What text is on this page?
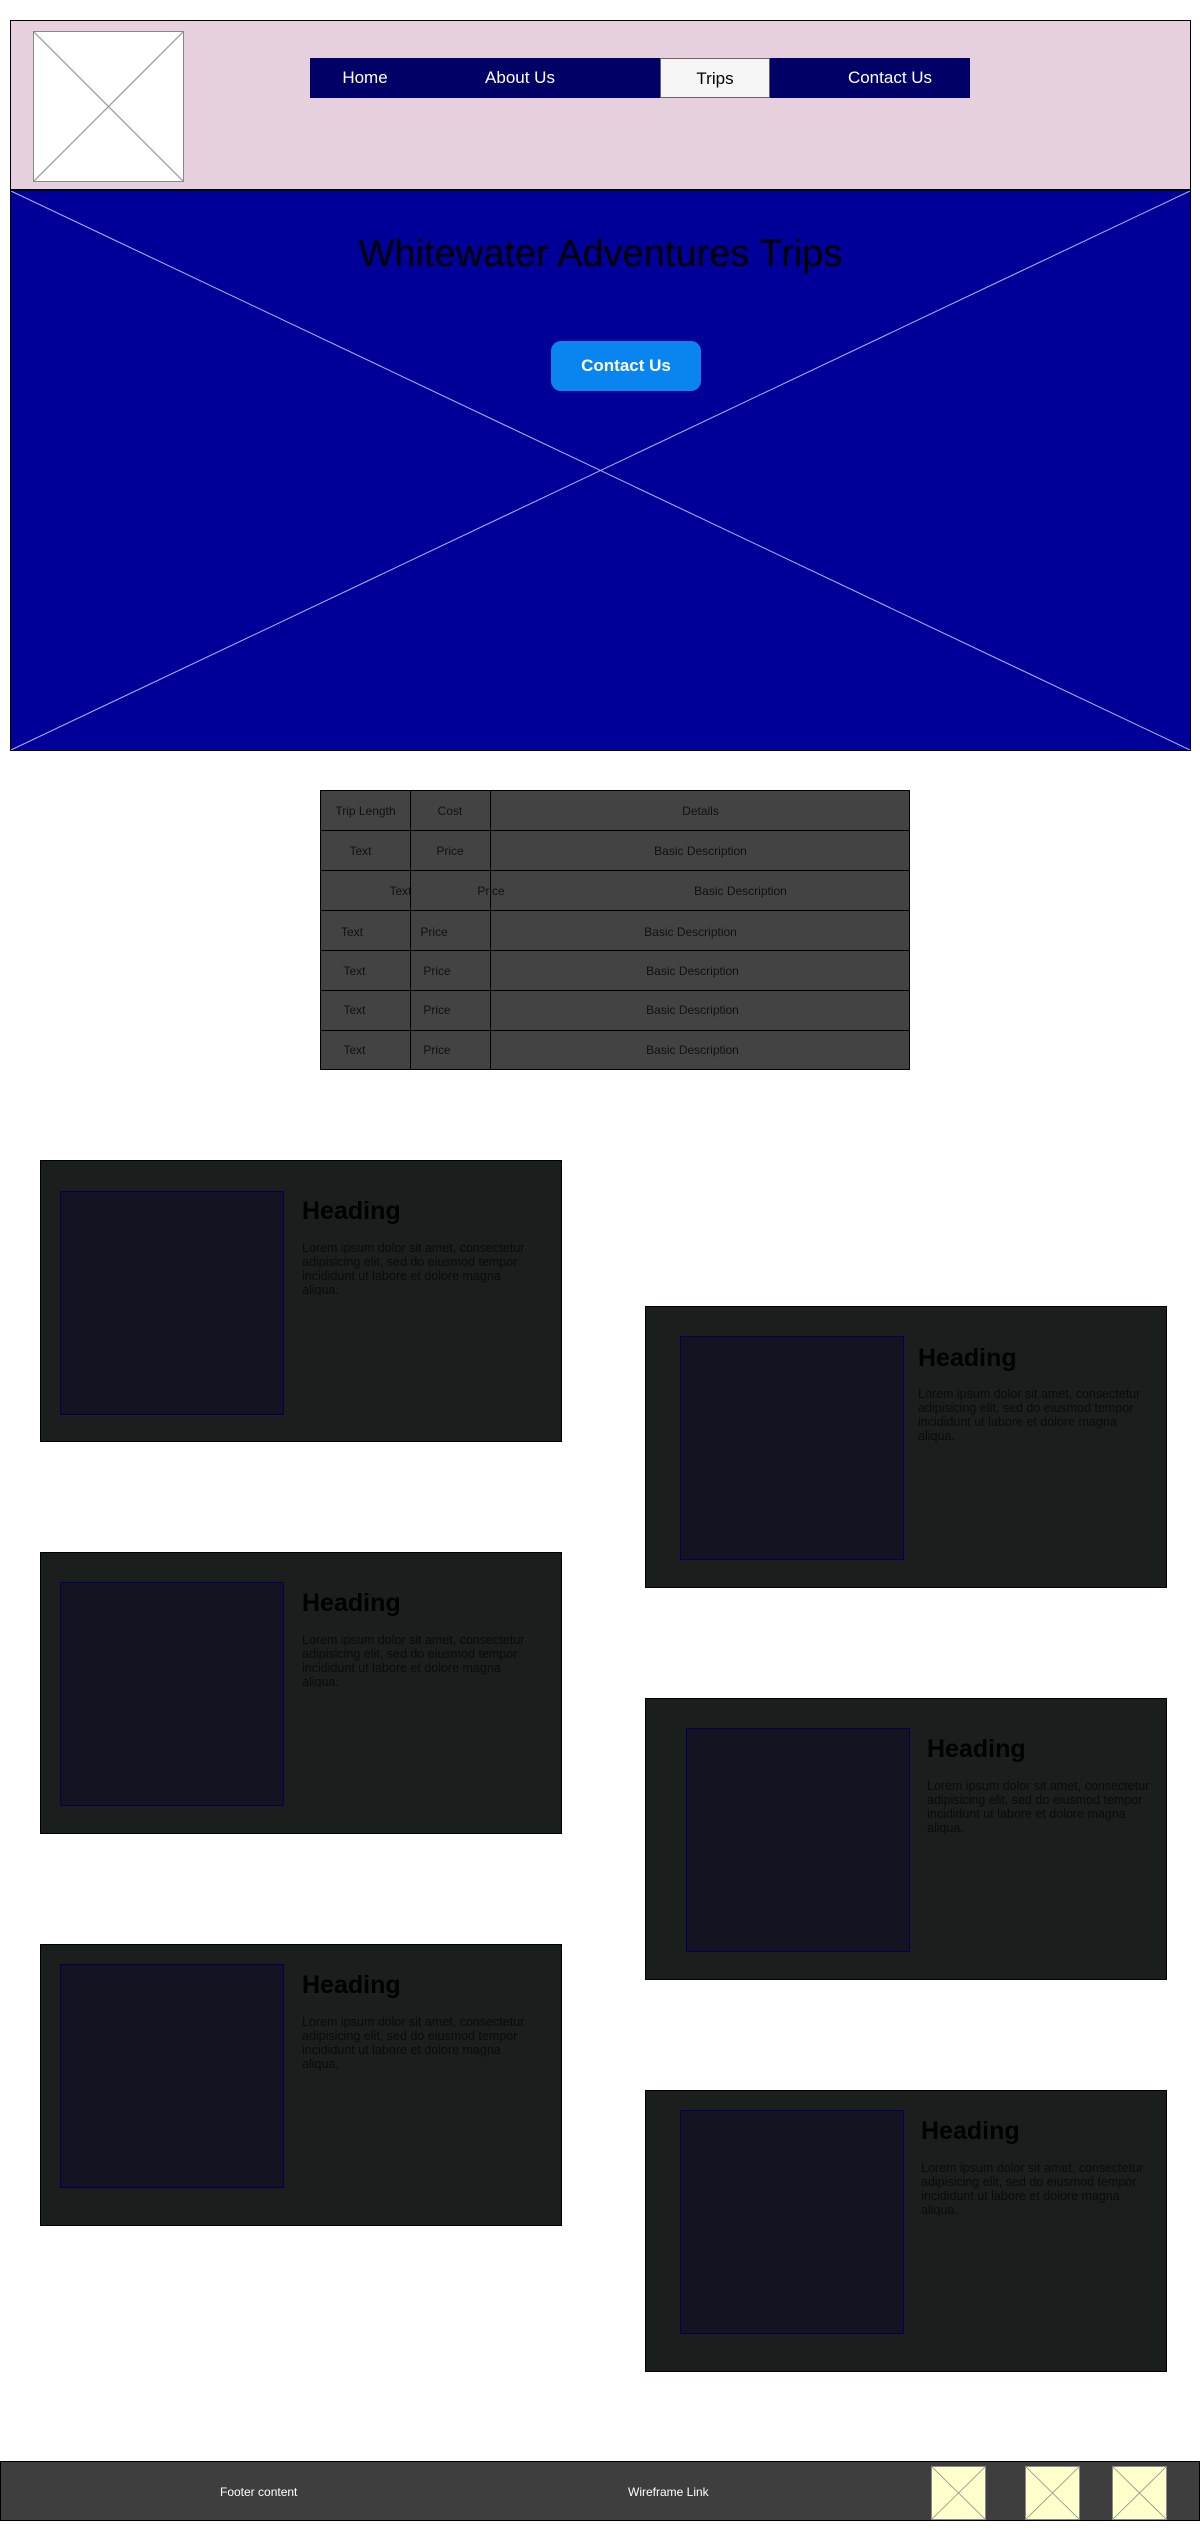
Home	About Us	Trips	Contact Us
Whitewater Adventures Trips
Contact Us
Trip Length	Cost	Details
Text	Price	Basic Description
Text	Price	Basic Description
Text	Price	Basic Description
Text	Price	Basic Description
Text	Price	Basic Description
Text	Price	Basic Description
Heading
Lorem ipsum dolor sit amet, consectetur adipisicing elit, sed do eiusmod tempor incididunt ut labore et dolore magna aliqua.
Heading
Lorem ipsum dolor sit amet, consectetur adipisicing elit, sed do eiusmod tempor incididunt ut labore et dolore magna aliqua.
Heading
Lorem ipsum dolor sit amet, consectetur adipisicing elit, sed do eiusmod tempor incididunt ut labore et dolore magna aliqua.
Heading
Lorem ipsum dolor sit amet, consectetur adipisicing elit, sed do eiusmod tempor incididunt ut labore et dolore magna aliqua.
Heading
Lorem ipsum dolor sit amet, consectetur adipisicing elit, sed do eiusmod tempor incididunt ut labore et dolore magna aliqua.
Heading
Lorem ipsum dolor sit amet, consectetur adipisicing elit, sed do eiusmod tempor incididunt ut labore et dolore magna aliqua.
Footer content	Wireframe Link
